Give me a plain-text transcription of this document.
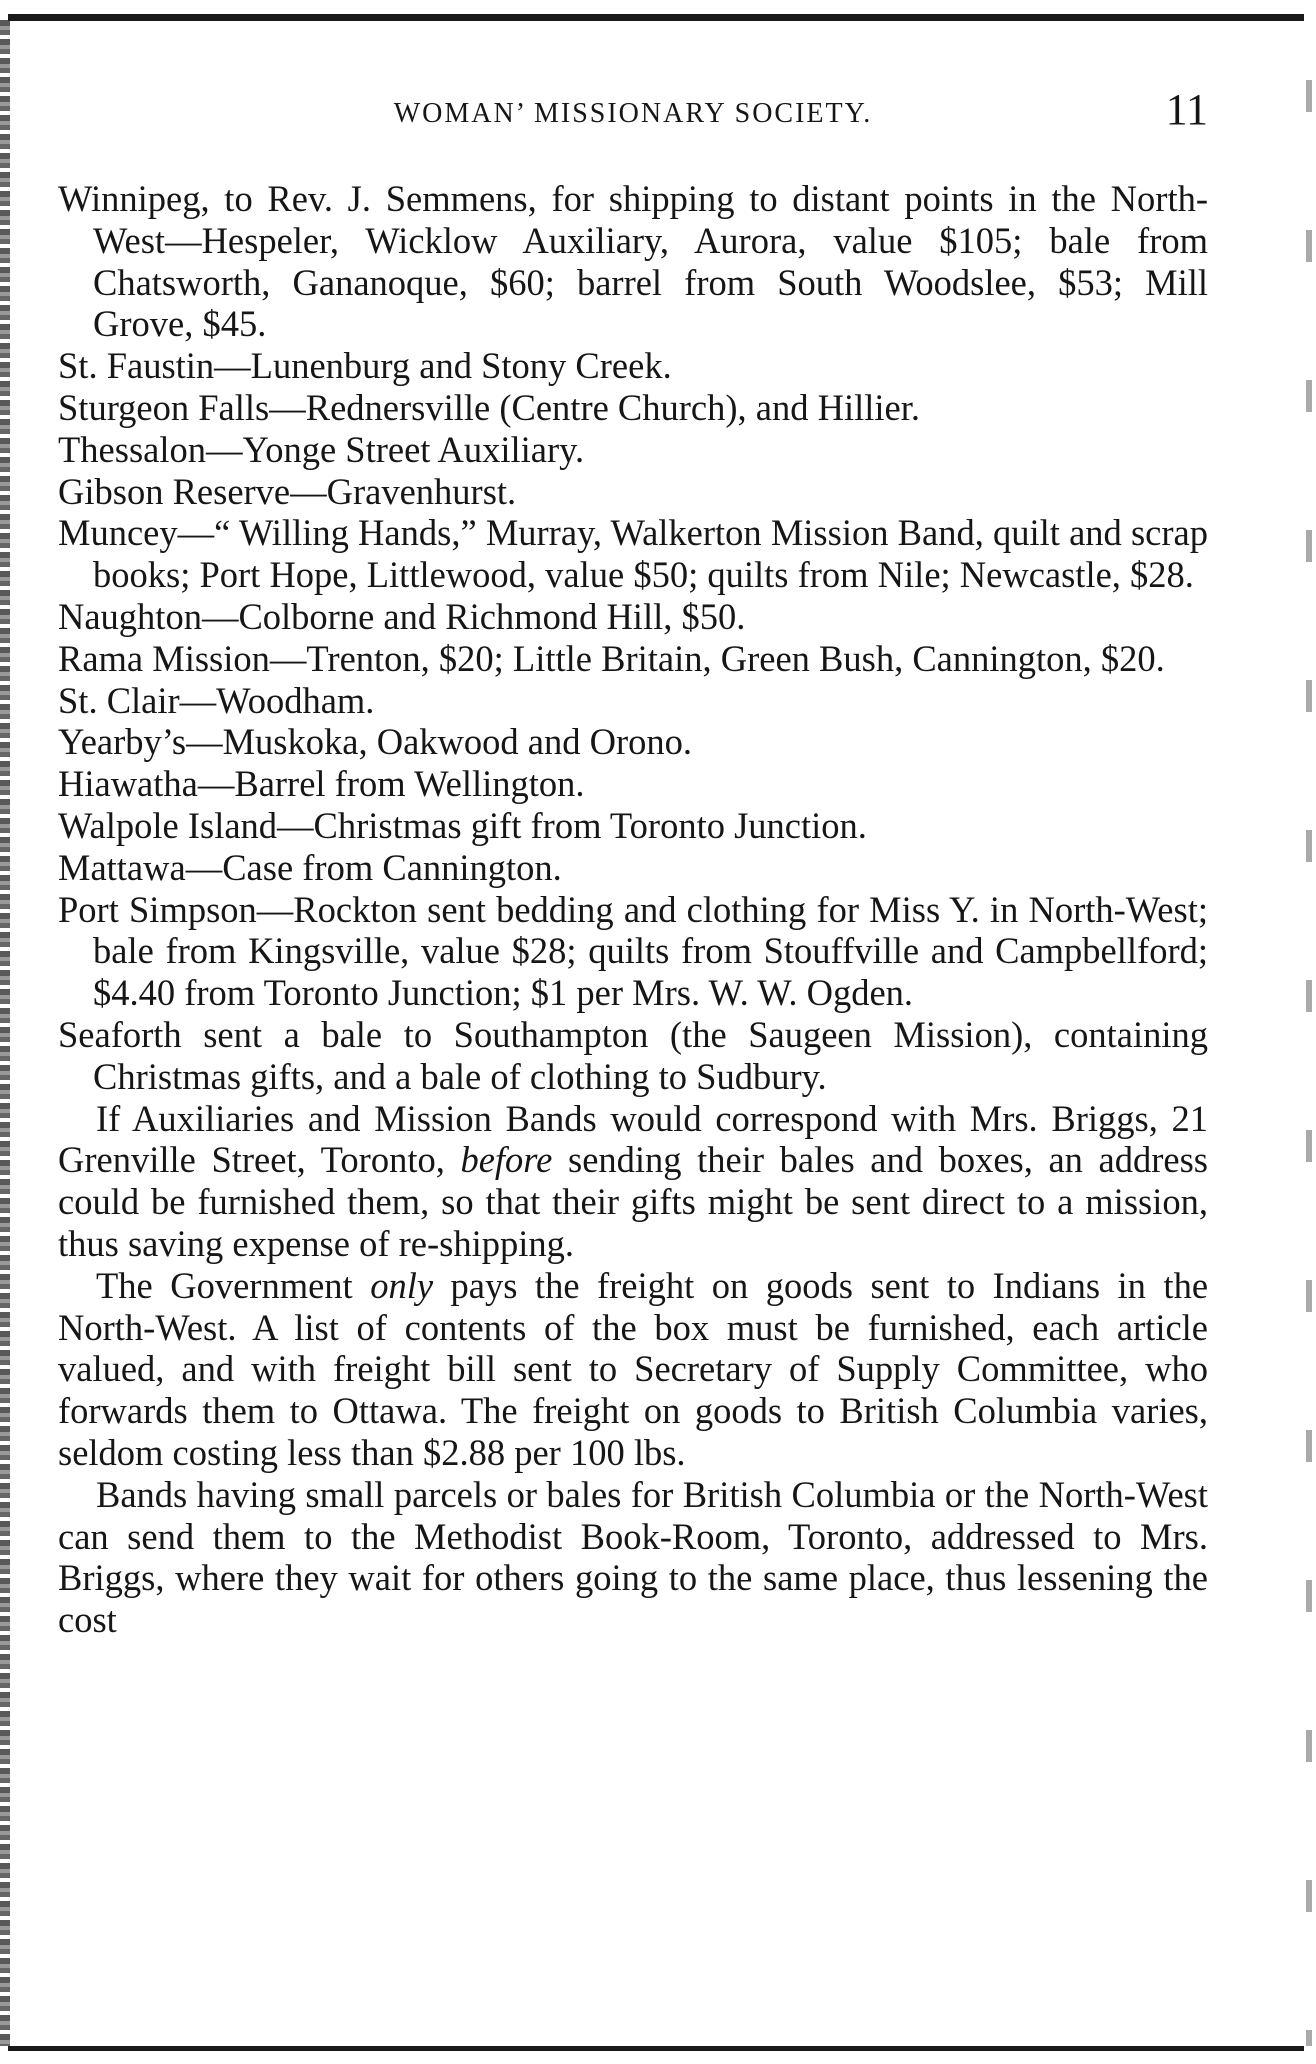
WOMAN’ MISSIONARY SOCIETY.	11

Winnipeg, to Rev. J. Semmens, for shipping to distant points in the North-West—Hespeler, Wicklow Auxiliary, Aurora, value $105; bale from Chatsworth, Gananoque, $60; barrel from South Woodslee, $53; Mill Grove, $45.

St. Faustin—Lunenburg and Stony Creek.

Sturgeon Falls—Rednersville (Centre Church), and Hillier.

Thessalon—Yonge Street Auxiliary.

Gibson Reserve—Gravenhurst.

Muncey—“ Willing Hands,” Murray, Walkerton Mission Band, quilt and scrap books; Port Hope, Littlewood, value $50; quilts from Nile; Newcastle, $28.

Naughton—Colborne and Richmond Hill, $50.

Rama Mission—Trenton, $20; Little Britain, Green Bush, Cannington, $20.

St. Clair—Woodham.

Yearby’s—Muskoka, Oakwood and Orono.

Hiawatha—Barrel from Wellington.

Walpole Island—Christmas gift from Toronto Junction.

Mattawa—Case from Cannington.

Port Simpson—Rockton sent bedding and clothing for Miss Y. in North-West; bale from Kingsville, value $28; quilts from Stouffville and Campbellford; $4.40 from Toronto Junction; $1 per Mrs. W. W. Ogden.

Seaforth sent a bale to Southampton (the Saugeen Mission), containing Christmas gifts, and a bale of clothing to Sudbury.

If Auxiliaries and Mission Bands would correspond with Mrs. Briggs, 21 Grenville Street, Toronto, before sending their bales and boxes, an address could be furnished them, so that their gifts might be sent direct to a mission, thus saving expense of re-shipping.

The Government only pays the freight on goods sent to Indians in the North-West. A list of contents of the box must be furnished, each article valued, and with freight bill sent to Secretary of Supply Committee, who forwards them to Ottawa. The freight on goods to British Columbia varies, seldom costing less than $2.88 per 100 lbs.

Bands having small parcels or bales for British Columbia or the North-West can send them to the Methodist Book-Room, Toronto, addressed to Mrs. Briggs, where they wait for others going to the same place, thus lessening the cost
